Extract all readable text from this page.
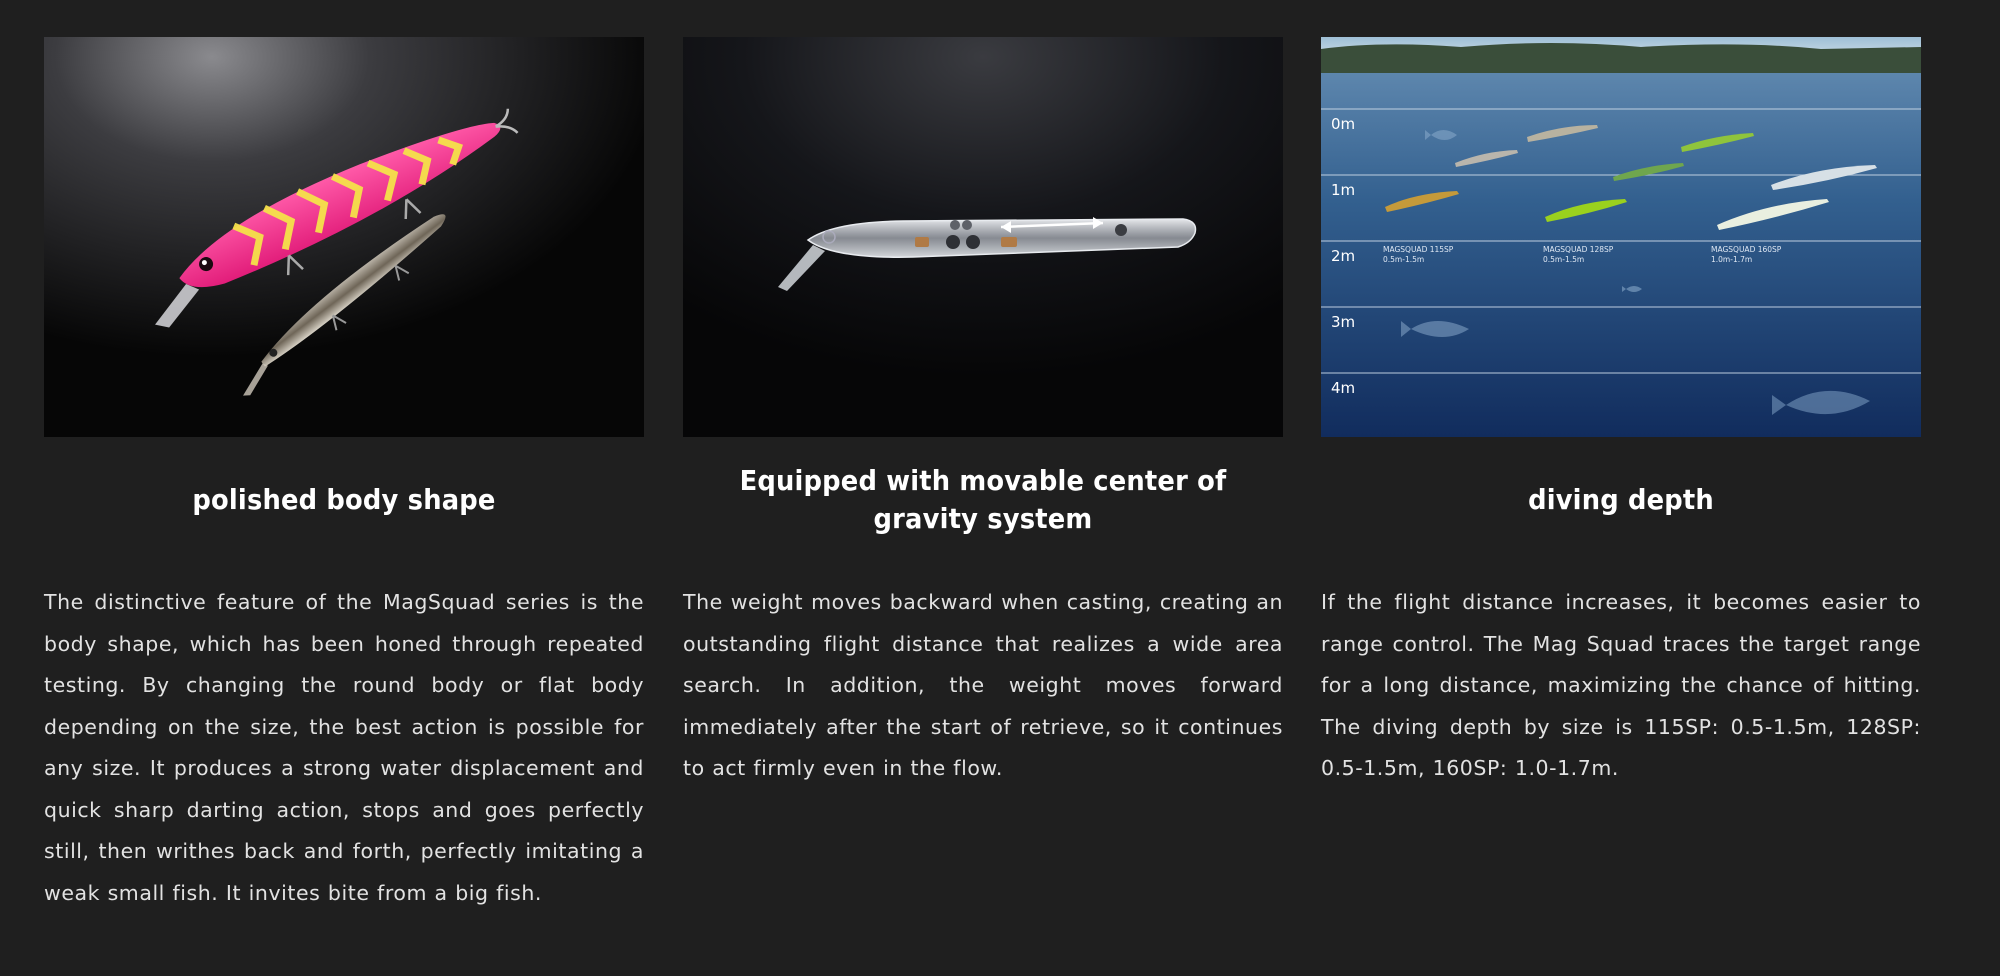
polished body shape
The distinctive feature of the MagSquad series is the body shape, which has been honed through repeated testing. By changing the round body or flat body depending on the size, the best action is possible for any size. It produces a strong water displacement and quick sharp darting action, stops and goes perfectly still, then writhes back and forth, perfectly imitating a weak small fish. It invites bite from a big fish.
Equipped with movable center of gravity system
The weight moves backward when casting, creating an outstanding flight distance that realizes a wide area search. In addition, the weight moves forward immediately after the start of retrieve, so it continues to act firmly even in the flow.
0m
1m
2m
3m
4m
MAGSQUAD 115SP
0.5m-1.5m
MAGSQUAD 128SP
0.5m-1.5m
MAGSQUAD 160SP
1.0m-1.7m
diving depth
If the flight distance increases, it becomes easier to range control. The Mag Squad traces the target range for a long distance, maximizing the chance of hitting. The diving depth by size is 115SP: 0.5-1.5m, 128SP: 0.5-1.5m, 160SP: 1.0-1.7m.
